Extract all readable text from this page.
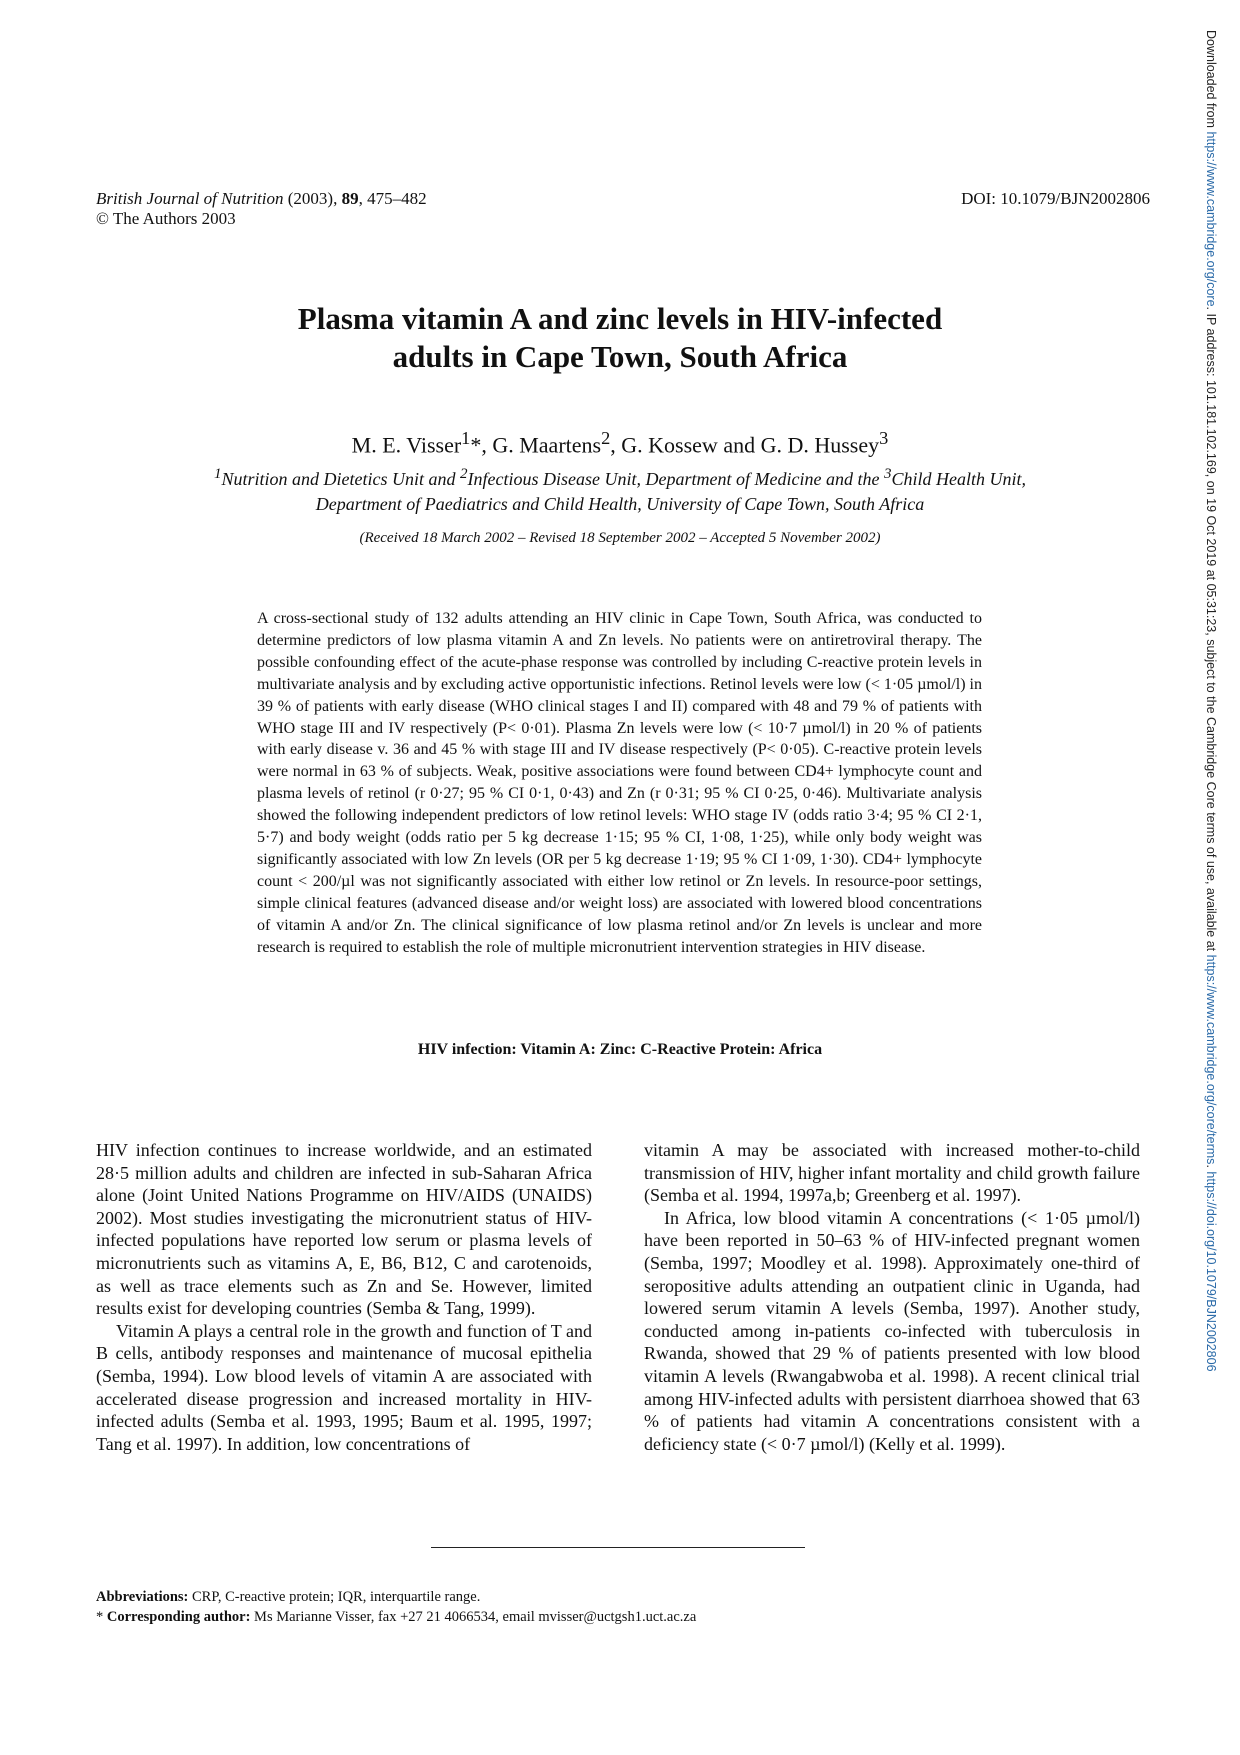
British Journal of Nutrition (2003), 89, 475–482
© The Authors 2003
DOI: 10.1079/BJN2002806
Downloaded from https://www.cambridge.org/core. IP address: 101.181.102.169, on 19 Oct 2019 at 05:31:23, subject to the Cambridge Core terms of use, available at https://www.cambridge.org/core/terms. https://doi.org/10.1079/BJN2002806
Plasma vitamin A and zinc levels in HIV-infected
adults in Cape Town, South Africa
M. E. Visser$^1$*, G. Maartens$^2$, G. Kossew and G. D. Hussey$^3$
$^1$Nutrition and Dietetics Unit and $^2$Infectious Disease Unit, Department of Medicine and the $^3$Child Health Unit,
Department of Paediatrics and Child Health, University of Cape Town, South Africa
(Received 18 March 2002 – Revised 18 September 2002 – Accepted 5 November 2002)
A cross-sectional study of 132 adults attending an HIV clinic in Cape Town, South Africa, was conducted to determine predictors of low plasma vitamin A and Zn levels. No patients were on antiretroviral therapy. The possible confounding effect of the acute-phase response was controlled by including C-reactive protein levels in multivariate analysis and by excluding active opportunistic infections. Retinol levels were low (< 1·05 µmol/l) in 39 % of patients with early disease (WHO clinical stages I and II) compared with 48 and 79 % of patients with WHO stage III and IV respectively (P< 0·01). Plasma Zn levels were low (< 10·7 µmol/l) in 20 % of patients with early disease v. 36 and 45 % with stage III and IV disease respectively (P< 0·05). C-reactive protein levels were normal in 63 % of subjects. Weak, positive associations were found between CD4+ lymphocyte count and plasma levels of retinol (r 0·27; 95 % CI 0·1, 0·43) and Zn (r 0·31; 95 % CI 0·25, 0·46). Multivariate analysis showed the following independent predictors of low retinol levels: WHO stage IV (odds ratio 3·4; 95 % CI 2·1, 5·7) and body weight (odds ratio per 5 kg decrease 1·15; 95 % CI, 1·08, 1·25), while only body weight was significantly associated with low Zn levels (OR per 5 kg decrease 1·19; 95 % CI 1·09, 1·30). CD4+ lymphocyte count < 200/µl was not significantly associated with either low retinol or Zn levels. In resource-poor settings, simple clinical features (advanced disease and/or weight loss) are associated with lowered blood concentrations of vitamin A and/or Zn. The clinical significance of low plasma retinol and/or Zn levels is unclear and more research is required to establish the role of multiple micronutrient intervention strategies in HIV disease.
HIV infection: Vitamin A: Zinc: C-Reactive Protein: Africa

HIV infection continues to increase worldwide, and an estimated 28·5 million adults and children are infected in sub-Saharan Africa alone (Joint United Nations Programme on HIV/AIDS (UNAIDS) 2002). Most studies investigating the micronutrient status of HIV-infected populations have reported low serum or plasma levels of micronutrients such as vitamins A, E, B6, B12, C and carotenoids, as well as trace elements such as Zn and Se. However, limited results exist for developing countries (Semba & Tang, 1999).

Vitamin A plays a central role in the growth and function of T and B cells, antibody responses and maintenance of mucosal epithelia (Semba, 1994). Low blood levels of vitamin A are associated with accelerated disease progression and increased mortality in HIV-infected adults (Semba et al. 1993, 1995; Baum et al. 1995, 1997; Tang et al. 1997). In addition, low concentrations of

vitamin A may be associated with increased mother-to-child transmission of HIV, higher infant mortality and child growth failure (Semba et al. 1994, 1997a,b; Greenberg et al. 1997).

In Africa, low blood vitamin A concentrations (< 1·05 µmol/l) have been reported in 50–63 % of HIV-infected pregnant women (Semba, 1997; Moodley et al. 1998). Approximately one-third of seropositive adults attending an outpatient clinic in Uganda, had lowered serum vitamin A levels (Semba, 1997). Another study, conducted among in-patients co-infected with tuberculosis in Rwanda, showed that 29 % of patients presented with low blood vitamin A levels (Rwangabwoba et al. 1998). A recent clinical trial among HIV-infected adults with persistent diarrhoea showed that 63 % of patients had vitamin A concentrations consistent with a deficiency state (< 0·7 µmol/l) (Kelly et al. 1999).

Abbreviations: CRP, C-reactive protein; IQR, interquartile range.
* Corresponding author: Ms Marianne Visser, fax +27 21 4066534, email mvisser@uctgsh1.uct.ac.za
